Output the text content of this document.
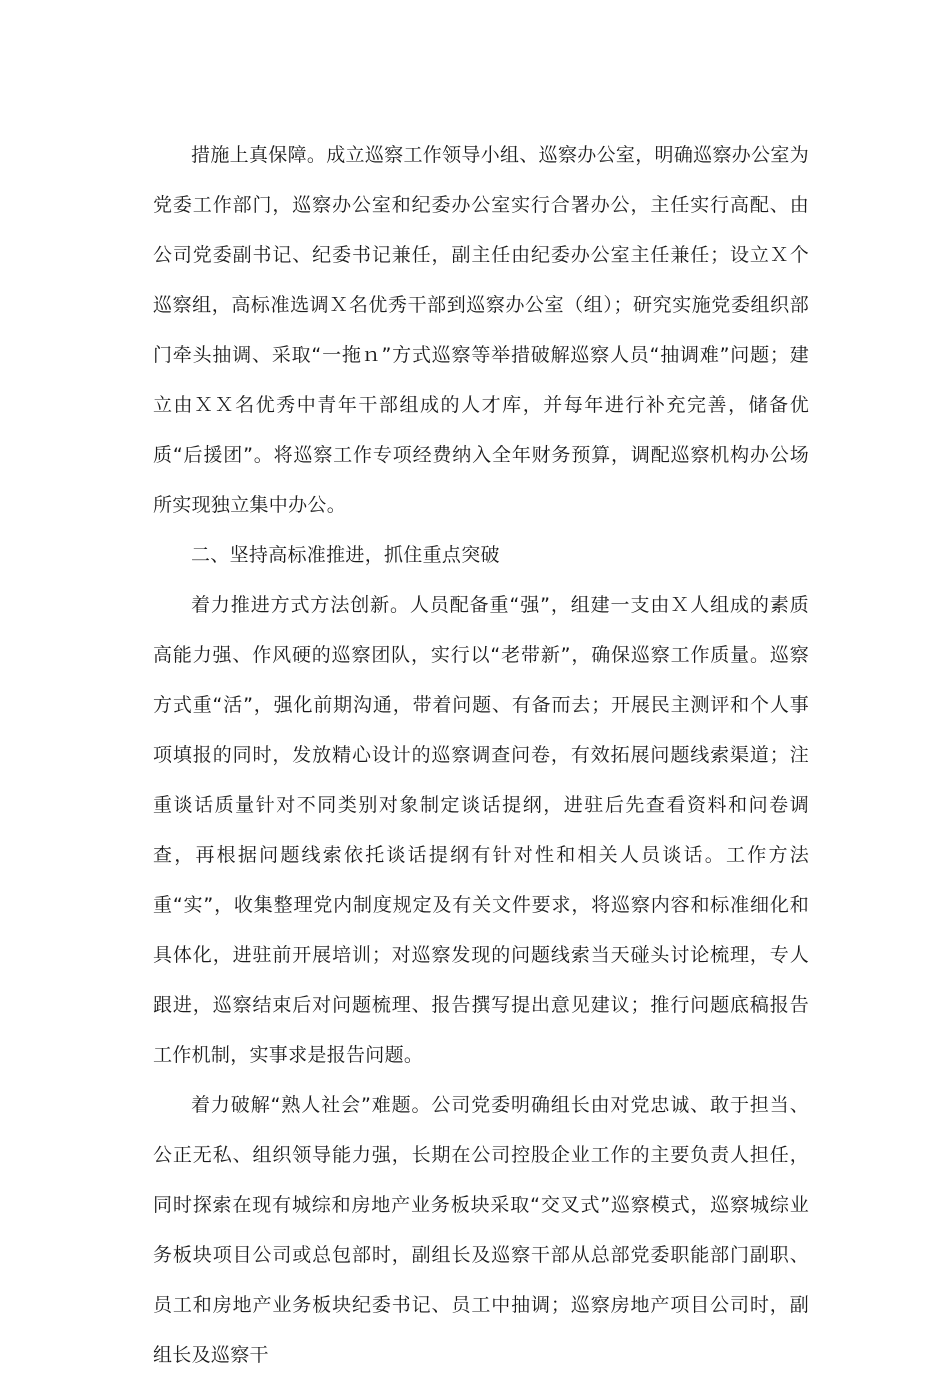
措施上真保障。成立巡察工作领导小组、巡察办公室，明确巡察办公室为党委工作部门，巡察办公室和纪委办公室实行合署办公，主任实行高配、由公司党委副书记、纪委书记兼任，副主任由纪委办公室主任兼任；设立Ｘ个巡察组，高标准选调Ｘ名优秀干部到巡察办公室（组）；研究实施党委组织部门牵头抽调、采取“一拖ｎ”方式巡察等举措破解巡察人员“抽调难”问题；建立由ＸＸ名优秀中青年干部组成的人才库，并每年进行补充完善，储备优质“后援团”。将巡察工作专项经费纳入全年财务预算，调配巡察机构办公场所实现独立集中办公。

二、坚持高标准推进，抓住重点突破

着力推进方式方法创新。人员配备重“强”，组建一支由Ｘ人组成的素质高能力强、作风硬的巡察团队，实行以“老带新”，确保巡察工作质量。巡察方式重“活”，强化前期沟通，带着问题、有备而去；开展民主测评和个人事项填报的同时，发放精心设计的巡察调查问卷，有效拓展问题线索渠道；注重谈话质量针对不同类别对象制定谈话提纲，进驻后先查看资料和问卷调查，再根据问题线索依托谈话提纲有针对性和相关人员谈话。工作方法重“实”，收集整理党内制度规定及有关文件要求，将巡察内容和标准细化和具体化，进驻前开展培训；对巡察发现的问题线索当天碰头讨论梳理，专人跟进，巡察结束后对问题梳理、报告撰写提出意见建议；推行问题底稿报告工作机制，实事求是报告问题。

着力破解“熟人社会”难题。公司党委明确组长由对党忠诚、敢于担当、公正无私、组织领导能力强，长期在公司控股企业工作的主要负责人担任，同时探索在现有城综和房地产业务板块采取“交叉式”巡察模式，巡察城综业务板块项目公司或总包部时，副组长及巡察干部从总部党委职能部门副职、员工和房地产业务板块纪委书记、员工中抽调；巡察房地产项目公司时，副组长及巡察干
